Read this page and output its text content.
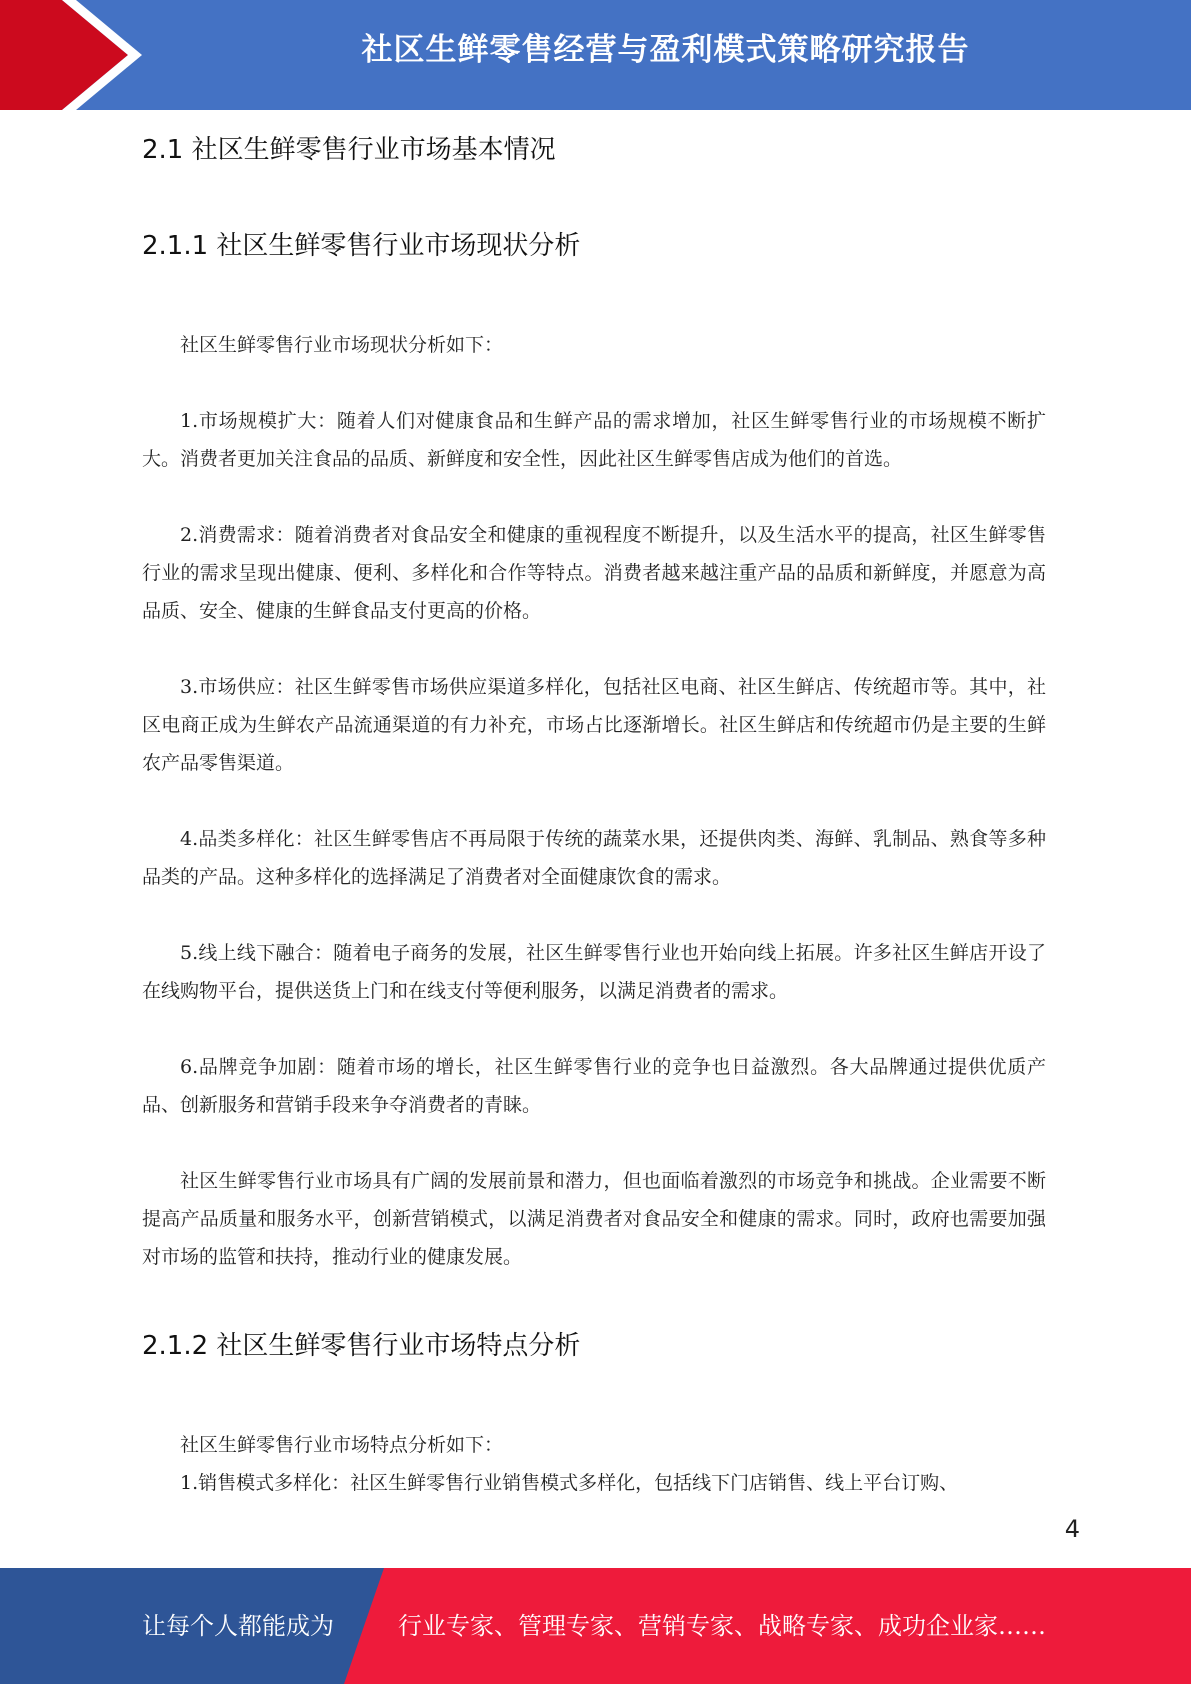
社区生鲜零售经营与盈利模式策略研究报告
2.1 社区生鲜零售行业市场基本情况
2.1.1 社区生鲜零售行业市场现状分析

社区生鲜零售行业市场现状分析如下：

1.市场规模扩大：随着人们对健康食品和生鲜产品的需求增加，社区生鲜零售行业的市场规模不断扩大。消费者更加关注食品的品质、新鲜度和安全性，因此社区生鲜零售店成为他们的首选。

2.消费需求：随着消费者对食品安全和健康的重视程度不断提升，以及生活水平的提高，社区生鲜零售行业的需求呈现出健康、便利、多样化和合作等特点。消费者越来越注重产品的品质和新鲜度，并愿意为高品质、安全、健康的生鲜食品支付更高的价格。

3.市场供应：社区生鲜零售市场供应渠道多样化，包括社区电商、社区生鲜店、传统超市等。其中，社区电商正成为生鲜农产品流通渠道的有力补充，市场占比逐渐增长。社区生鲜店和传统超市仍是主要的生鲜农产品零售渠道。

4.品类多样化：社区生鲜零售店不再局限于传统的蔬菜水果，还提供肉类、海鲜、乳制品、熟食等多种品类的产品。这种多样化的选择满足了消费者对全面健康饮食的需求。

5.线上线下融合：随着电子商务的发展，社区生鲜零售行业也开始向线上拓展。许多社区生鲜店开设了在线购物平台，提供送货上门和在线支付等便利服务，以满足消费者的需求。

6.品牌竞争加剧：随着市场的增长，社区生鲜零售行业的竞争也日益激烈。各大品牌通过提供优质产品、创新服务和营销手段来争夺消费者的青睐。

社区生鲜零售行业市场具有广阔的发展前景和潜力，但也面临着激烈的市场竞争和挑战。企业需要不断提高产品质量和服务水平，创新营销模式，以满足消费者对食品安全和健康的需求。同时，政府也需要加强对市场的监管和扶持，推动行业的健康发展。

2.1.2 社区生鲜零售行业市场特点分析

社区生鲜零售行业市场特点分析如下：

1.销售模式多样化：社区生鲜零售行业销售模式多样化，包括线下门店销售、线上平台订购、

4
让每个人都能成为	行业专家、管理专家、营销专家、战略专家、成功企业家……
